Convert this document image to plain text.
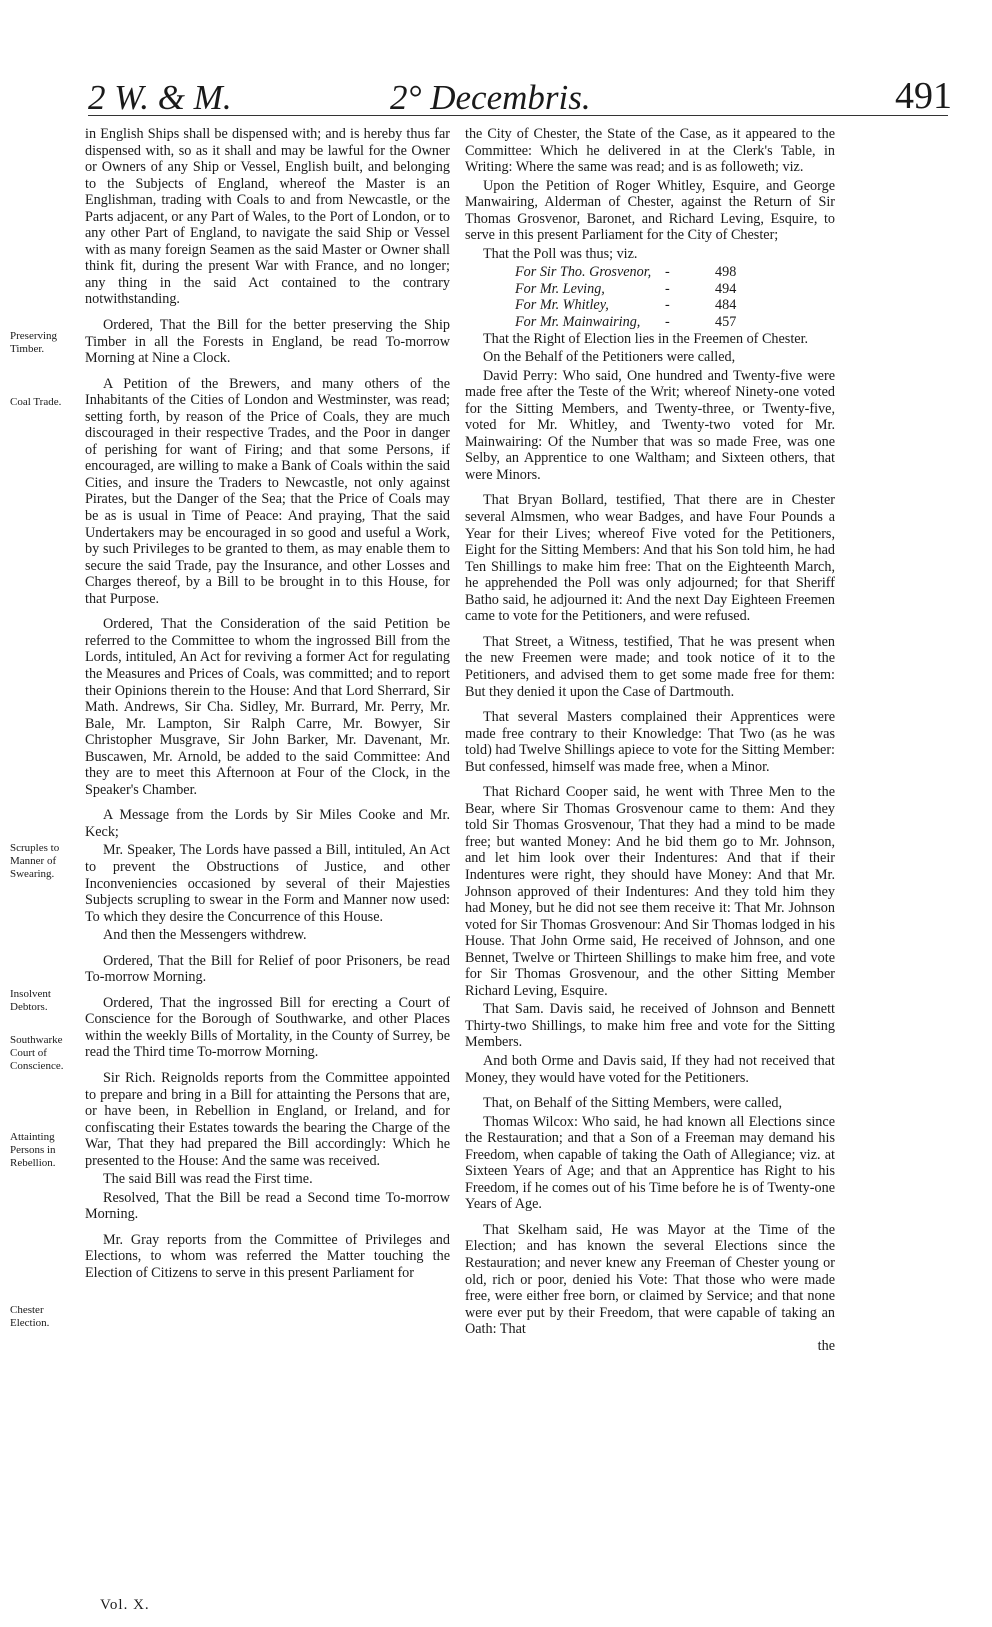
2 W. & M.	2° Decembris.	491
Preserving Timber.
Coal Trade.
Scruples to Manner of Swearing.
Insolvent Debtors.
Southwarke Court of Conscience.
Attainting Persons in Rebellion.
Chester Election.

in English Ships shall be dispensed with; and is hereby thus far dispensed with, so as it shall and may be lawful for the Owner or Owners of any Ship or Vessel, English built, and belonging to the Subjects of England, whereof the Master is an Englishman, trading with Coals to and from Newcastle, or the Parts adjacent, or any Part of Wales, to the Port of London, or to any other Part of England, to navigate the said Ship or Vessel with as many foreign Seamen as the said Master or Owner shall think fit, during the present War with France, and no longer; any thing in the said Act contained to the contrary notwithstanding.

Ordered, That the Bill for the better preserving the Ship Timber in all the Forests in England, be read To-morrow Morning at Nine a Clock.

A Petition of the Brewers, and many others of the Inhabitants of the Cities of London and Westminster, was read; setting forth, by reason of the Price of Coals, they are much discouraged in their respective Trades, and the Poor in danger of perishing for want of Firing; and that some Persons, if encouraged, are willing to make a Bank of Coals within the said Cities, and insure the Traders to Newcastle, not only against Pirates, but the Danger of the Sea; that the Price of Coals may be as is usual in Time of Peace: And praying, That the said Undertakers may be encouraged in so good and useful a Work, by such Privileges to be granted to them, as may enable them to secure the said Trade, pay the Insurance, and other Losses and Charges thereof, by a Bill to be brought in to this House, for that Purpose.

Ordered, That the Consideration of the said Petition be referred to the Committee to whom the ingrossed Bill from the Lords, intituled, An Act for reviving a former Act for regulating the Measures and Prices of Coals, was committed; and to report their Opinions therein to the House: And that Lord Sherrard, Sir Math. Andrews, Sir Cha. Sidley, Mr. Burrard, Mr. Perry, Mr. Bale, Mr. Lampton, Sir Ralph Carre, Mr. Bowyer, Sir Christopher Musgrave, Sir John Barker, Mr. Davenant, Mr. Buscawen, Mr. Arnold, be added to the said Committee: And they are to meet this Afternoon at Four of the Clock, in the Speaker's Chamber.

A Message from the Lords by Sir Miles Cooke and Mr. Keck;

Mr. Speaker, The Lords have passed a Bill, intituled, An Act to prevent the Obstructions of Justice, and other Inconveniencies occasioned by several of their Majesties Subjects scrupling to swear in the Form and Manner now used: To which they desire the Concurrence of this House.

And then the Messengers withdrew.

Ordered, That the Bill for Relief of poor Prisoners, be read To-morrow Morning.

Ordered, That the ingrossed Bill for erecting a Court of Conscience for the Borough of Southwarke, and other Places within the weekly Bills of Mortality, in the County of Surrey, be read the Third time To-morrow Morning.

Sir Rich. Reignolds reports from the Committee appointed to prepare and bring in a Bill for attainting the Persons that are, or have been, in Rebellion in England, or Ireland, and for confiscating their Estates towards the bearing the Charge of the War, That they had prepared the Bill accordingly: Which he presented to the House: And the same was received.

The said Bill was read the First time.

Resolved, That the Bill be read a Second time To-morrow Morning.

Mr. Gray reports from the Committee of Privileges and Elections, to whom was referred the Matter touching the Election of Citizens to serve in this present Parliament for

the City of Chester, the State of the Case, as it appeared to the Committee: Which he delivered in at the Clerk's Table, in Writing: Where the same was read; and is as followeth; viz.

Upon the Petition of Roger Whitley, Esquire, and George Manwairing, Alderman of Chester, against the Return of Sir Thomas Grosvenor, Baronet, and Richard Leving, Esquire, to serve in this present Parliament for the City of Chester;

That the Poll was thus; viz.

For Sir Tho. Grosvenor, -	498
For Mr. Leving,	-	494
For Mr. Whitley,	-	484
For Mr. Mainwairing, -	457

That the Right of Election lies in the Freemen of Chester.

On the Behalf of the Petitioners were called,

David Perry: Who said, One hundred and Twenty-five were made free after the Teste of the Writ; whereof Ninety-one voted for the Sitting Members, and Twenty-three, or Twenty-five, voted for Mr. Whitley, and Twenty-two voted for Mr. Mainwairing: Of the Number that was so made Free, was one Selby, an Apprentice to one Waltham; and Sixteen others, that were Minors.

That Bryan Bollard, testified, That there are in Chester several Almsmen, who wear Badges, and have Four Pounds a Year for their Lives; whereof Five voted for the Petitioners, Eight for the Sitting Members: And that his Son told him, he had Ten Shillings to make him free: That on the Eighteenth March, he apprehended the Poll was only adjourned; for that Sheriff Batho said, he adjourned it: And the next Day Eighteen Freemen came to vote for the Petitioners, and were refused.

That Street, a Witness, testified, That he was present when the new Freemen were made; and took notice of it to the Petitioners, and advised them to get some made free for them: But they denied it upon the Case of Dartmouth.

That several Masters complained their Apprentices were made free contrary to their Knowledge: That Two (as he was told) had Twelve Shillings apiece to vote for the Sitting Member: But confessed, himself was made free, when a Minor.

That Richard Cooper said, he went with Three Men to the Bear, where Sir Thomas Grosvenour came to them: And they told Sir Thomas Grosvenour, That they had a mind to be made free; but wanted Money: And he bid them go to Mr. Johnson, and let him look over their Indentures: And that if their Indentures were right, they should have Money: And that Mr. Johnson approved of their Indentures: And they told him they had Money, but he did not see them receive it: That Mr. Johnson voted for Sir Thomas Grosvenour: And Sir Thomas lodged in his House. That John Orme said, He received of Johnson, and one Bennet, Twelve or Thirteen Shillings to make him free, and vote for Sir Thomas Grosvenour, and the other Sitting Member Richard Leving, Esquire.

That Sam. Davis said, he received of Johnson and Bennett Thirty-two Shillings, to make him free and vote for the Sitting Members.

And both Orme and Davis said, If they had not received that Money, they would have voted for the Petitioners.

That, on Behalf of the Sitting Members, were called,

Thomas Wilcox: Who said, he had known all Elections since the Restauration; and that a Son of a Freeman may demand his Freedom, when capable of taking the Oath of Allegiance; viz. at Sixteen Years of Age; and that an Apprentice has Right to his Freedom, if he comes out of his Time before he is of Twenty-one Years of Age.

That Skelham said, He was Mayor at the Time of the Election; and has known the several Elections since the Restauration; and never knew any Freeman of Chester young or old, rich or poor, denied his Vote: That those who were made free, were either free born, or claimed by Service; and that none were ever put by their Freedom, that were capable of taking an Oath: That

the

Vol. X.
